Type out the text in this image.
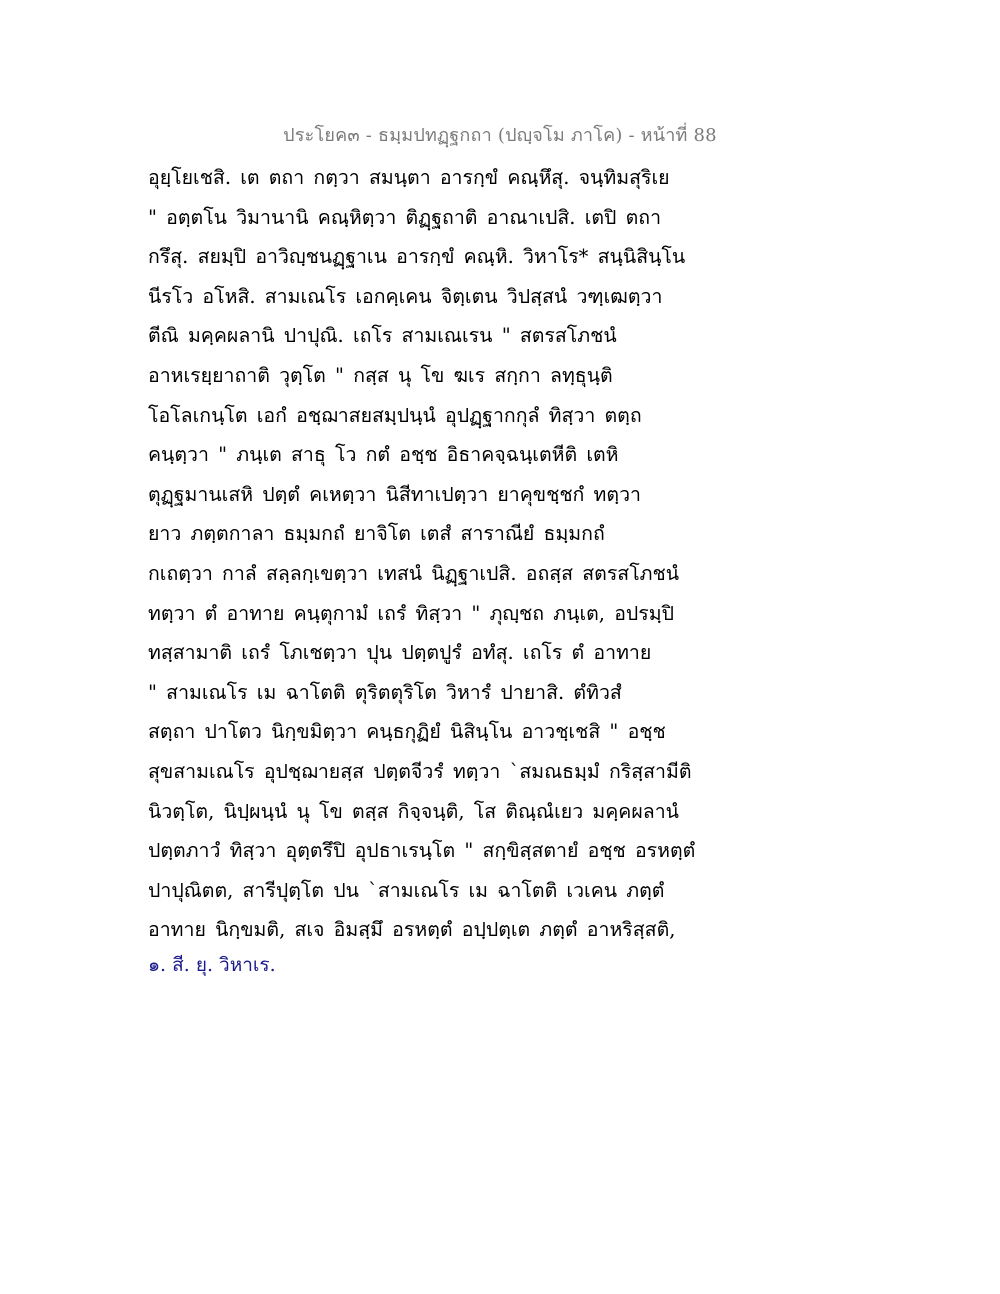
ประโยค๓ - ธมฺมปทฏฺฐกถา (ปญฺจโม ภาโค) - หน้าที่ 88
อุยฺโยเชสิ. เต ตถา กตฺวา สมนฺตา อารกฺขํ คณฺหึสุ. จนฺทิมสุริเย
" อตฺตโน วิมานานิ คณฺหิตฺวา ติฏฺฐถาติ อาณาเปสิ. เตปิ ตถา
กรึสุ. สยมฺปิ อาวิญฺชนฏฺฐาเน อารกฺขํ คณฺหิ. วิหาโร* สนฺนิสินฺโน
นีรโว อโหสิ. สามเณโร เอกคฺเคน จิตฺเตน วิปสฺสนํ วฑฺเฒตฺวา
ตีณิ มคฺคผลานิ ปาปุณิ. เถโร สามเณเรน " สตรสโภชนํ
อาหเรยฺยาถาติ วุตฺโต " กสฺส นุ โข ฆเร สกฺกา ลทฺธุนฺติ
โอโลเกนฺโต เอกํ อชฺฌาสยสมฺปนฺนํ อุปฏฺฐากกุลํ ทิสฺวา ตตฺถ
คนฺตฺวา " ภนฺเต สาธุ โว กตํ อชฺช อิธาคจฺฉนฺเตหีติ เตหิ
ตุฏฺฐมานเสหิ ปตฺตํ คเหตฺวา นิสีทาเปตฺวา ยาคุขชฺชกํ ทตฺวา
ยาว ภตฺตกาลา ธมฺมกถํ ยาจิโต เตสํ สาราณียํ ธมฺมกถํ
กเถตฺวา กาลํ สลฺลกฺเขตฺวา เทสนํ นิฏฺฐาเปสิ. อถสฺส สตรสโภชนํ
ทตฺวา ตํ อาทาย คนฺตุกามํ เถรํ ทิสฺวา " ภุญฺชถ ภนฺเต, อปรมฺปิ
ทสฺสามาติ เถรํ โภเชตฺวา ปุน ปตฺตปูรํ อทํสุ. เถโร ตํ อาทาย
" สามเณโร เม ฉาโตติ ตุริตตุริโต วิหารํ ปายาสิ. ตํทิวสํ
สตฺถา ปาโตว นิกฺขมิตฺวา คนฺธกุฏิยํ นิสินฺโน อาวชฺเชสิ " อชฺช
สุขสามเณโร อุปชฺฌายสฺส ปตฺตจีวรํ ทตฺวา `สมณธมฺมํ กริสฺสามีติ
นิวตฺโต, นิปฺผนฺนํ นุ โข ตสฺส กิจฺจนฺติ, โส ติณฺณํเยว มคฺคผลานํ
ปตฺตภาวํ ทิสฺวา อุตฺตรึปิ อุปธาเรนฺโต " สกฺขิสฺสตายํ อชฺช อรหตฺตํ
ปาปุณิตต, สารีปุตฺโต ปน `สามเณโร เม ฉาโตติ เวเคน ภตฺตํ
อาทาย นิกฺขมติ, สเจ อิมสฺมึ อรหตฺตํ อปฺปตฺเต ภตฺตํ อาหริสฺสติ,
๑. สี. ยุ. วิหาเร.
